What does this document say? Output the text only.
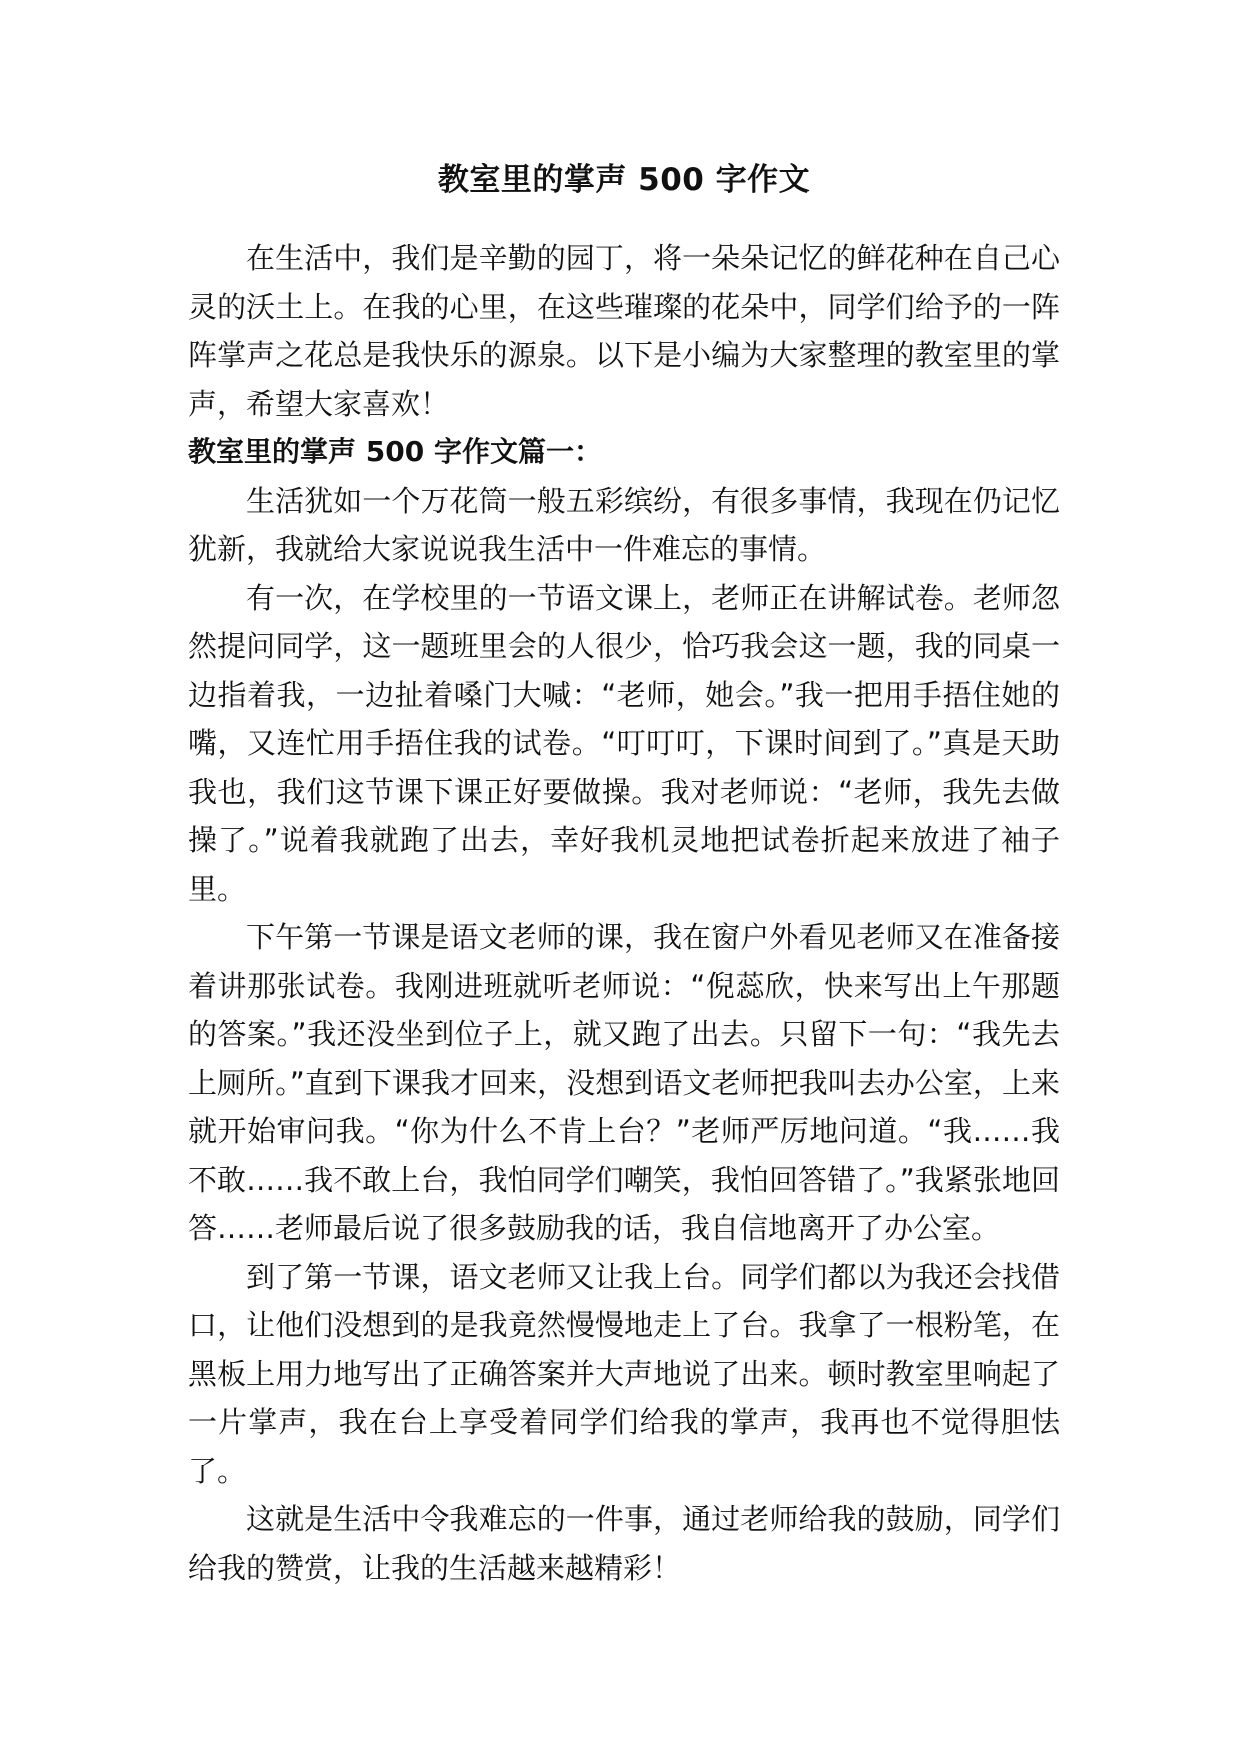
教室里的掌声 500 字作文

在生活中，我们是辛勤的园丁，将一朵朵记忆的鲜花种在自己心灵的沃土上。在我的心里，在这些璀璨的花朵中，同学们给予的一阵阵掌声之花总是我快乐的源泉。以下是小编为大家整理的教室里的掌声，希望大家喜欢！

教室里的掌声 500 字作文篇一：

生活犹如一个万花筒一般五彩缤纷，有很多事情，我现在仍记忆犹新，我就给大家说说我生活中一件难忘的事情。

有一次，在学校里的一节语文课上，老师正在讲解试卷。老师忽然提问同学，这一题班里会的人很少，恰巧我会这一题，我的同桌一边指着我，一边扯着嗓门大喊：“老师，她会。”我一把用手捂住她的嘴，又连忙用手捂住我的试卷。“叮叮叮，下课时间到了。”真是天助我也，我们这节课下课正好要做操。我对老师说：“老师，我先去做操了。”说着我就跑了出去，幸好我机灵地把试卷折起来放进了袖子里。

下午第一节课是语文老师的课，我在窗户外看见老师又在准备接着讲那张试卷。我刚进班就听老师说：“倪蕊欣，快来写出上午那题的答案。”我还没坐到位子上，就又跑了出去。只留下一句：“我先去上厕所。”直到下课我才回来，没想到语文老师把我叫去办公室，上来就开始审问我。“你为什么不肯上台？”老师严厉地问道。“我……我不敢……我不敢上台，我怕同学们嘲笑，我怕回答错了。”我紧张地回答……老师最后说了很多鼓励我的话，我自信地离开了办公室。

到了第一节课，语文老师又让我上台。同学们都以为我还会找借口，让他们没想到的是我竟然慢慢地走上了台。我拿了一根粉笔，在黑板上用力地写出了正确答案并大声地说了出来。顿时教室里响起了一片掌声，我在台上享受着同学们给我的掌声，我再也不觉得胆怯了。

这就是生活中令我难忘的一件事，通过老师给我的鼓励，同学们给我的赞赏，让我的生活越来越精彩！
